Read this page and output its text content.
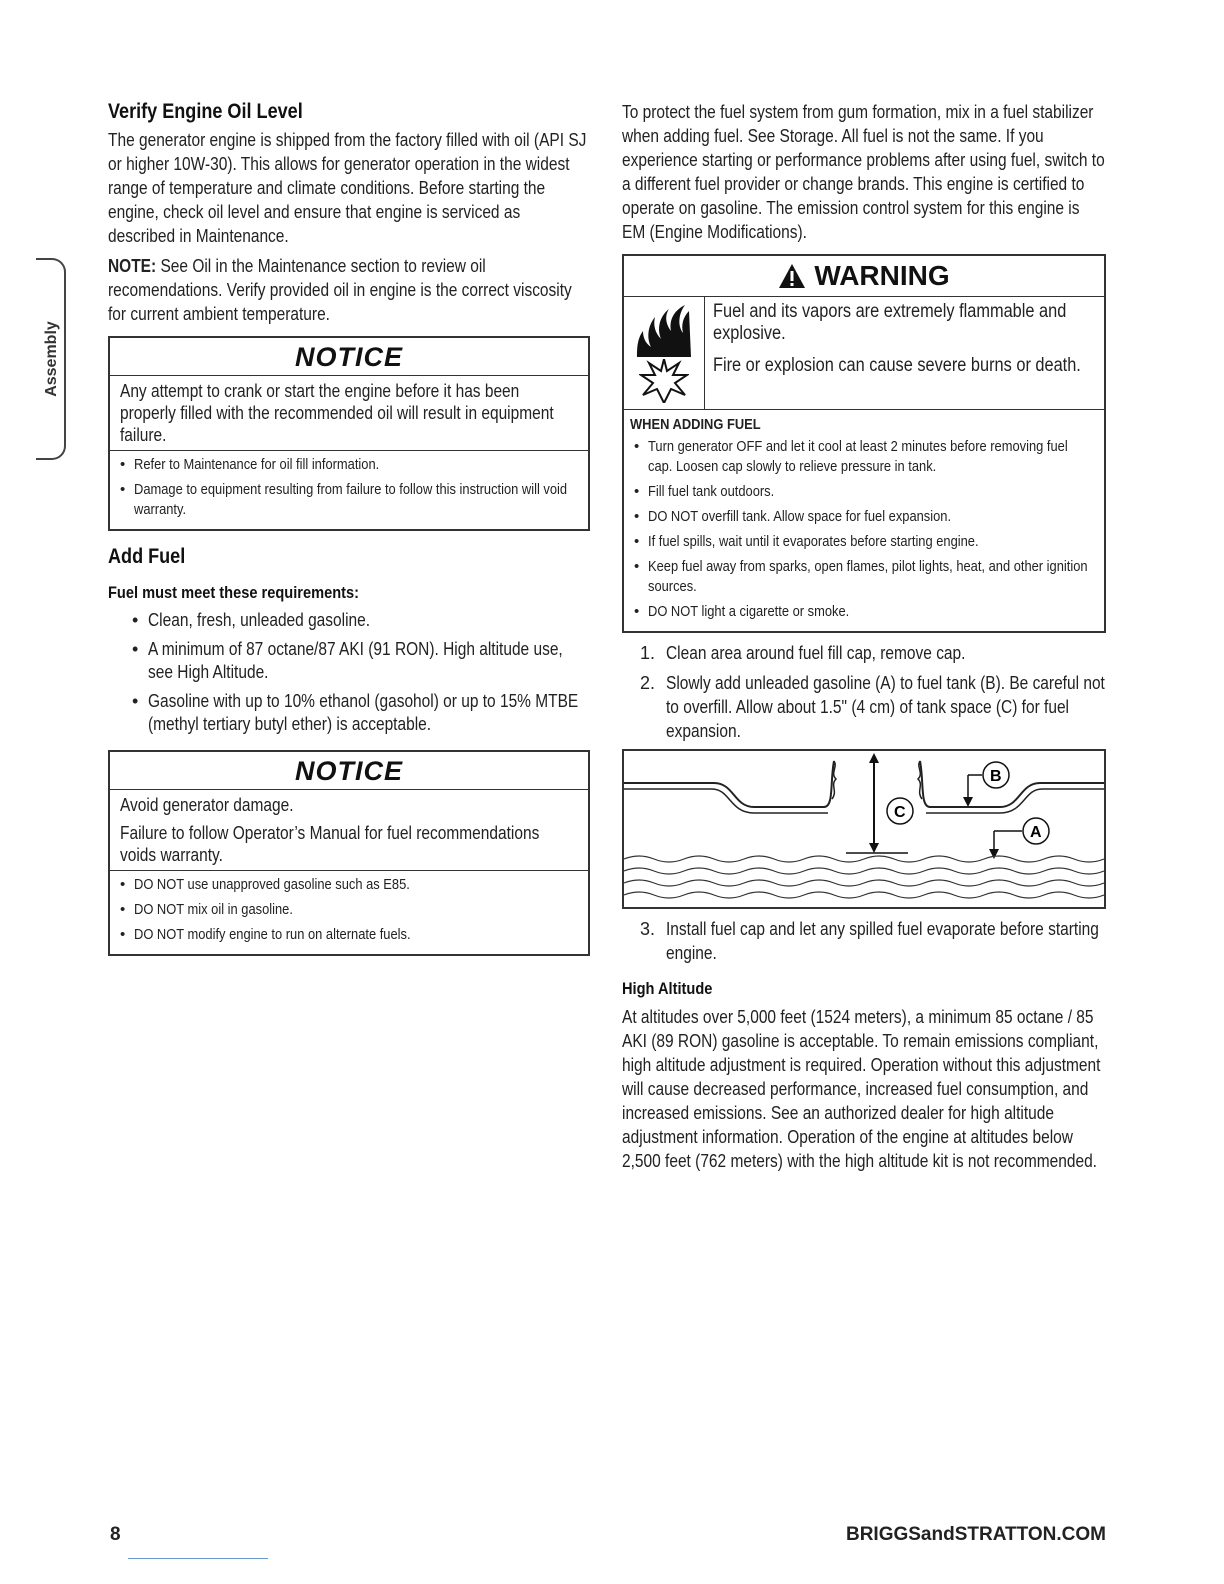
Assembly
Verify Engine Oil Level

The generator engine is shipped from the factory filled with oil (API SJ or higher 10W-30). This allows for generator operation in the widest range of temperature and climate conditions. Before starting the engine, check oil level and ensure that engine is serviced as described in Maintenance.

NOTE: See Oil in the Maintenance section to review oil recomendations. Verify provided oil in engine is the correct viscosity for current ambient temperature.

NOTICE
Any attempt to crank or start the engine before it has been properly filled with the recommended oil will result in equipment failure.
• Refer to Maintenance for oil fill information.
• Damage to equipment resulting from failure to follow this instruction will void warranty.
Add Fuel
Fuel must meet these requirements:
• Clean, fresh, unleaded gasoline.
• A minimum of 87 octane/87 AKI (91 RON). High altitude use, see High Altitude.
• Gasoline with up to 10% ethanol (gasohol) or up to 15% MTBE (methyl tertiary butyl ether) is acceptable.
NOTICE

Avoid generator damage.

Failure to follow Operator’s Manual for fuel recommendations voids warranty.

• DO NOT use unapproved gasoline such as E85.
• DO NOT mix oil in gasoline.
• DO NOT modify engine to run on alternate fuels.

To protect the fuel system from gum formation, mix in a fuel stabilizer when adding fuel. See Storage. All fuel is not the same. If you experience starting or performance problems after using fuel, switch to a different fuel provider or change brands. This engine is certified to operate on gasoline. The emission control system for this engine is EM (Engine Modifications).

WARNING

Fuel and its vapors are extremely flammable and explosive.

Fire or explosion can cause severe burns or death.

WHEN ADDING FUEL
• Turn generator OFF and let it cool at least 2 minutes before removing fuel cap. Loosen cap slowly to relieve pressure in tank.
• Fill fuel tank outdoors.
• DO NOT overfill tank. Allow space for fuel expansion.
• If fuel spills, wait until it evaporates before starting engine.
• Keep fuel away from sparks, open flames, pilot lights, heat, and other ignition sources.
• DO NOT light a cigarette or smoke.
1. Clean area around fuel fill cap, remove cap.
2. Slowly add unleaded gasoline (A) to fuel tank (B). Be careful not to overfill. Allow about 1.5" (4 cm) of tank space (C) for fuel expansion.
C
B
A
3. Install fuel cap and let any spilled fuel evaporate before starting engine.
High Altitude

At altitudes over 5,000 feet (1524 meters), a minimum 85 octane / 85 AKI (89 RON) gasoline is acceptable. To remain emissions compliant, high altitude adjustment is required. Operation without this adjustment will cause decreased performance, increased fuel consumption, and increased emissions. See an authorized dealer for high altitude adjustment information. Operation of the engine at altitudes below 2,500 feet (762 meters) with the high altitude kit is not recommended.

8	BRIGGSandSTRATTON.COM
